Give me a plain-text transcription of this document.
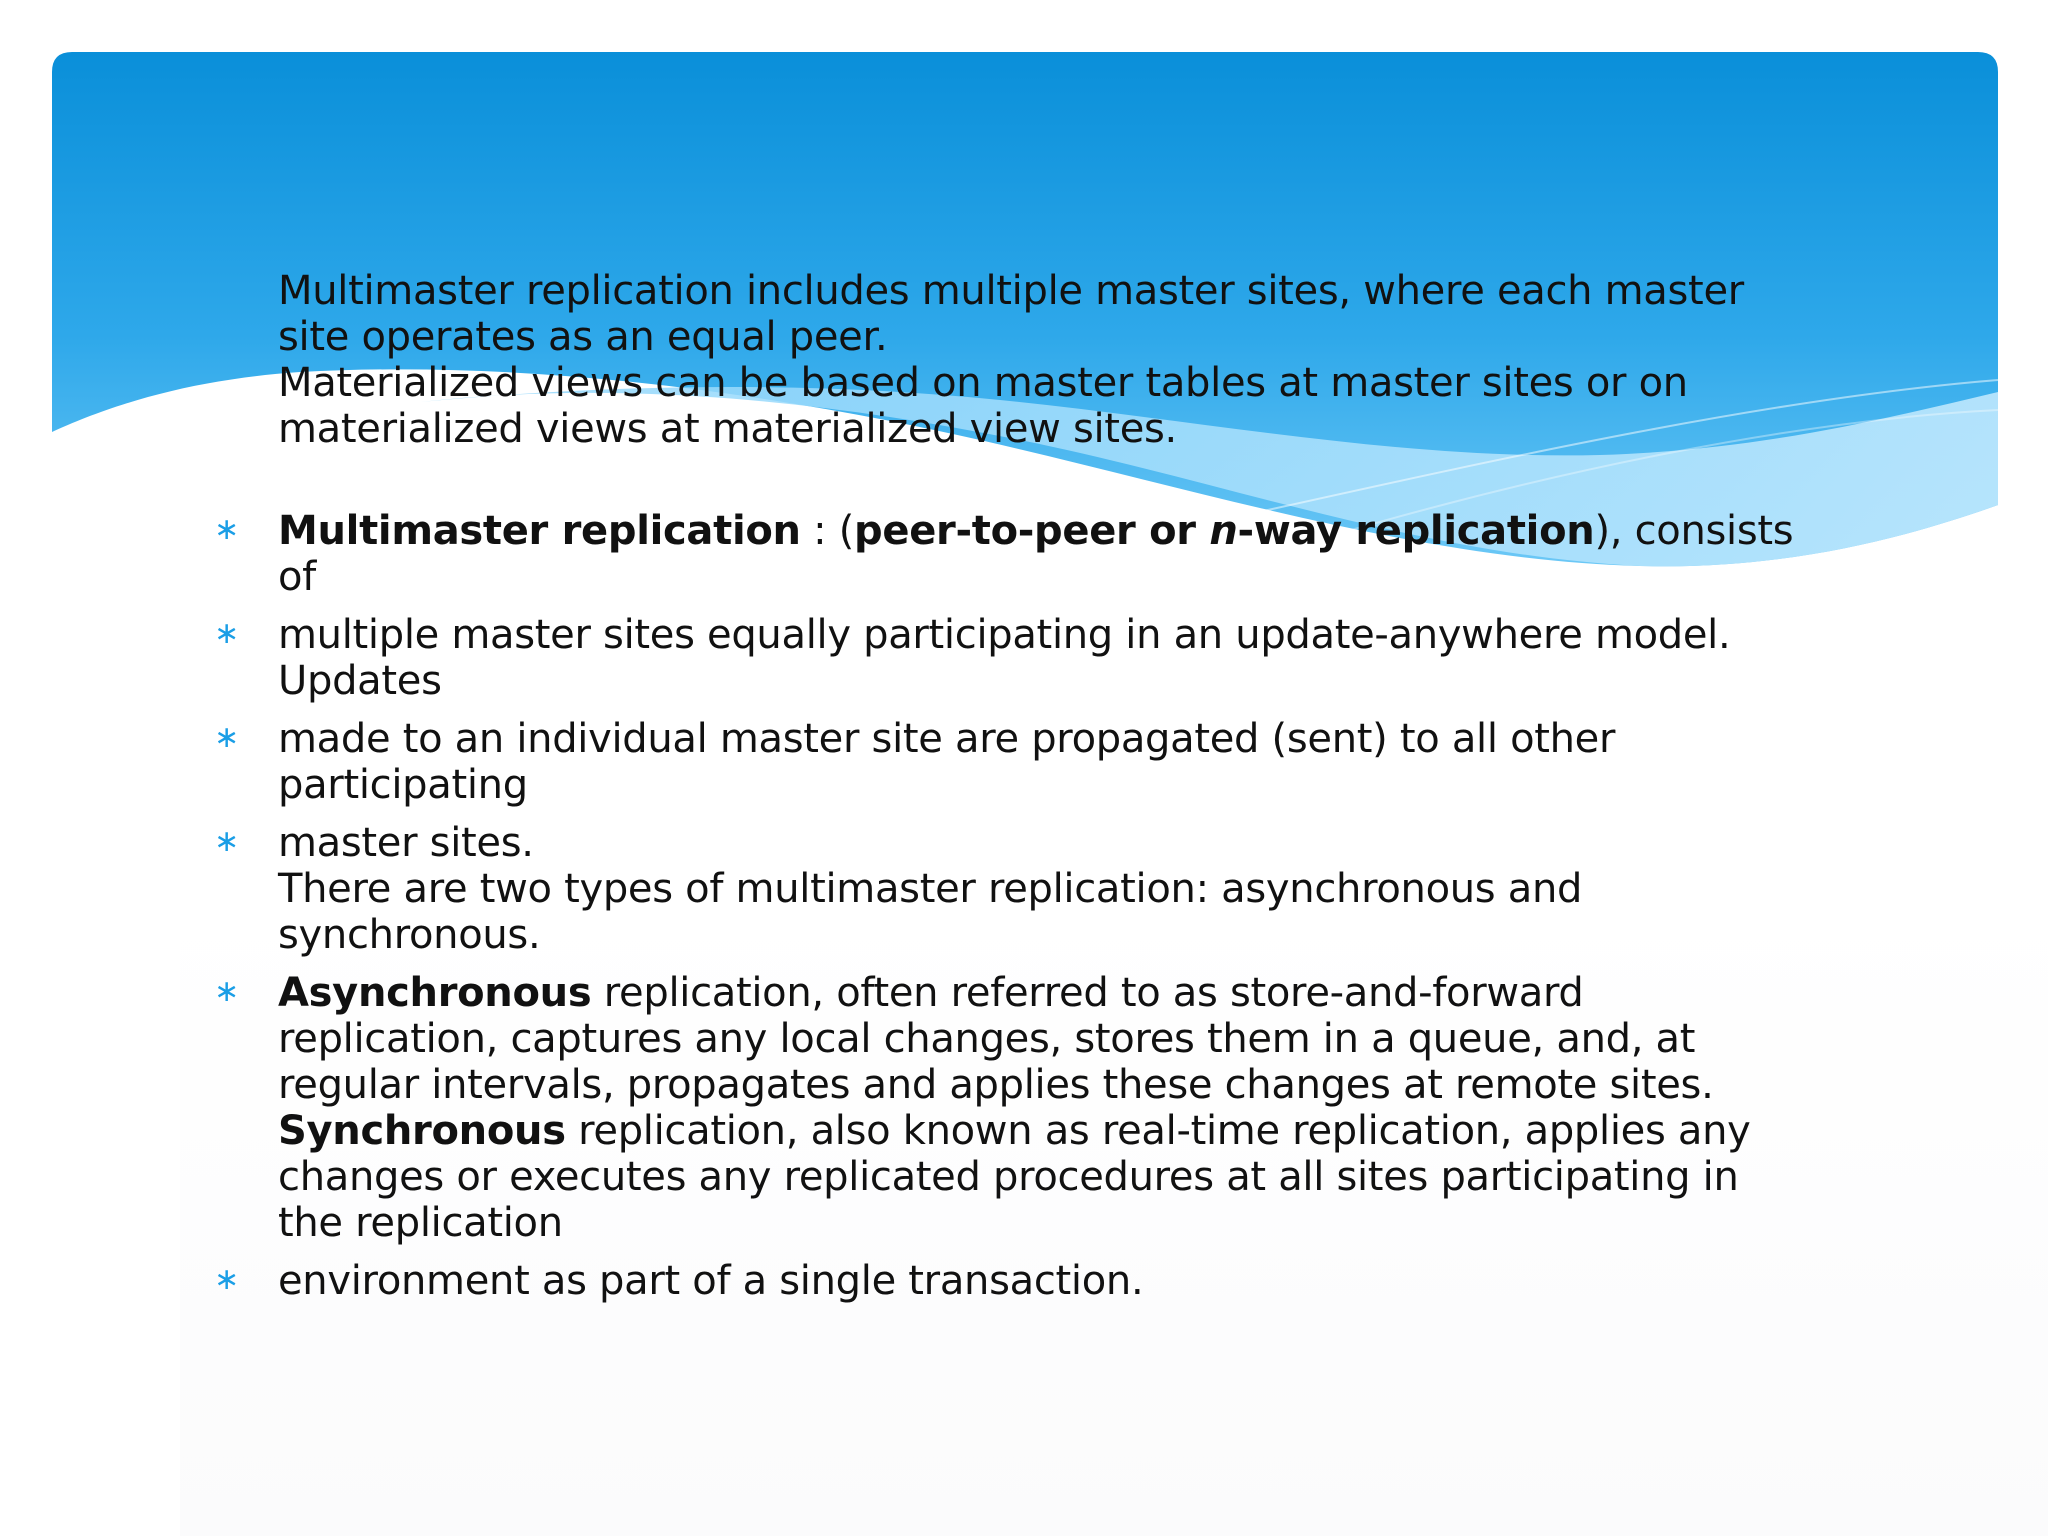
Multimaster replication includes multiple master sites, where each master
site operates as an equal peer.
Materialized views can be based on master tables at master sites or on
materialized views at materialized view sites.
∗ Multimaster replication : (peer-to-peer or n-way replication), consists of
∗ multiple master sites equally participating in an update-anywhere model.
Updates
∗ made to an individual master site are propagated (sent) to all other
participating
∗ master sites.
There are two types of multimaster replication: asynchronous and
synchronous.
∗ Asynchronous replication, often referred to as store-and-forward
replication, captures any local changes, stores them in a queue, and, at
regular intervals, propagates and applies these changes at remote sites.
Synchronous replication, also known as real-time replication, applies any
changes or executes any replicated procedures at all sites participating in
the replication
∗ environment as part of a single transaction.
